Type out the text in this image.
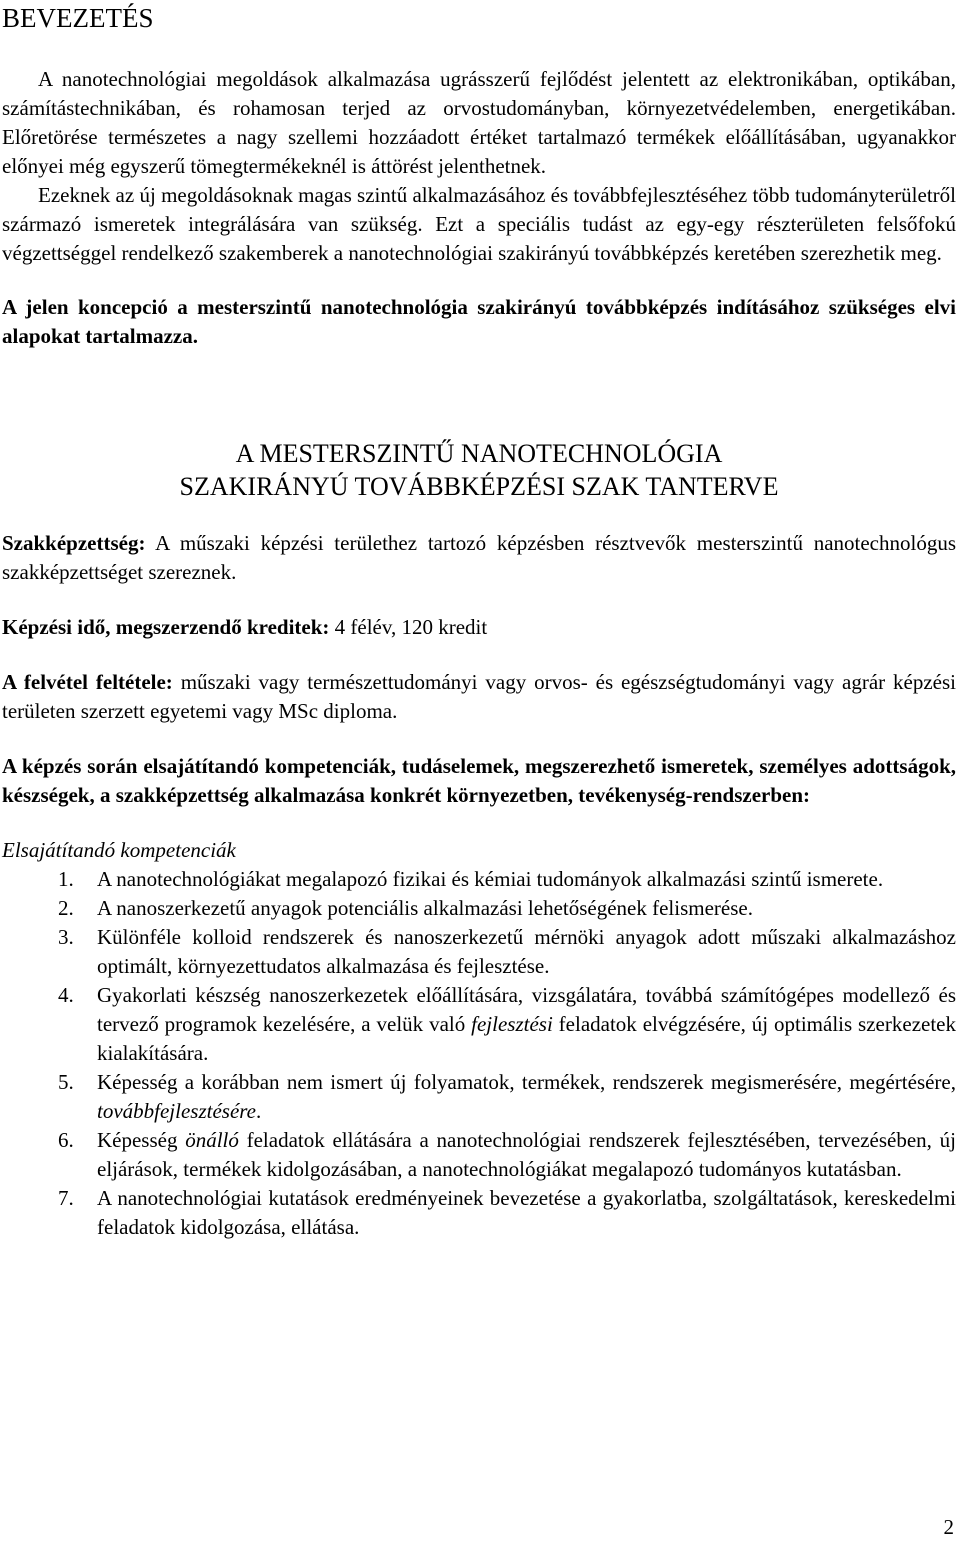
BEVEZETÉS

A nanotechnológiai megoldások alkalmazása ugrásszerű fejlődést jelentett az elektronikában, optikában, számítástechnikában, és rohamosan terjed az orvostudományban, környezetvédelemben, energetikában. Előretörése természetes a nagy szellemi hozzáadott értéket tartalmazó termékek előállításában, ugyanakkor előnyei még egyszerű tömegtermékeknél is áttörést jelenthetnek.

Ezeknek az új megoldásoknak magas szintű alkalmazásához és továbbfejlesztéséhez több tudományterületről származó ismeretek integrálására van szükség. Ezt a speciális tudást az egy-egy részterületen felsőfokú végzettséggel rendelkező szakemberek a nanotechnológiai szakirányú továbbképzés keretében szerezhetik meg.

A jelen koncepció a mesterszintű nanotechnológia szakirányú továbbképzés indításához szükséges elvi alapokat tartalmazza.

A MESTERSZINTŰ NANOTECHNOLÓGIA
SZAKIRÁNYÚ TOVÁBBKÉPZÉSI SZAK TANTERVE

Szakképzettség: A műszaki képzési területhez tartozó képzésben résztvevők mesterszintű nanotechnológus szakképzettséget szereznek.

Képzési idő, megszerzendő kreditek: 4 félév, 120 kredit

A felvétel feltétele: műszaki vagy természettudományi vagy orvos- és egészségtudományi vagy agrár képzési területen szerzett egyetemi vagy MSc diploma.

A képzés során elsajátítandó kompetenciák, tudáselemek, megszerezhető ismeretek, személyes adottságok, készségek, a szakképzettség alkalmazása konkrét környezetben, tevékenység-rendszerben:

Elsajátítandó kompetenciák

1. A nanotechnológiákat megalapozó fizikai és kémiai tudományok alkalmazási szintű ismerete.
2. A nanoszerkezetű anyagok potenciális alkalmazási lehetőségének felismerése.
3. Különféle kolloid rendszerek és nanoszerkezetű mérnöki anyagok adott műszaki alkalmazáshoz optimált, környezettudatos alkalmazása és fejlesztése.
4. Gyakorlati készség nanoszerkezetek előállítására, vizsgálatára, továbbá számítógépes modellező és tervező programok kezelésére, a velük való fejlesztési feladatok elvégzésére, új optimális szerkezetek kialakítására.
5. Képesség a korábban nem ismert új folyamatok, termékek, rendszerek megismerésére, megértésére, továbbfejlesztésére.
6. Képesség önálló feladatok ellátására a nanotechnológiai rendszerek fejlesztésében, tervezésében, új eljárások, termékek kidolgozásában, a nanotechnológiákat megalapozó tudományos kutatásban.
7. A nanotechnológiai kutatások eredményeinek bevezetése a gyakorlatba, szolgáltatások, kereskedelmi feladatok kidolgozása, ellátása.
2
